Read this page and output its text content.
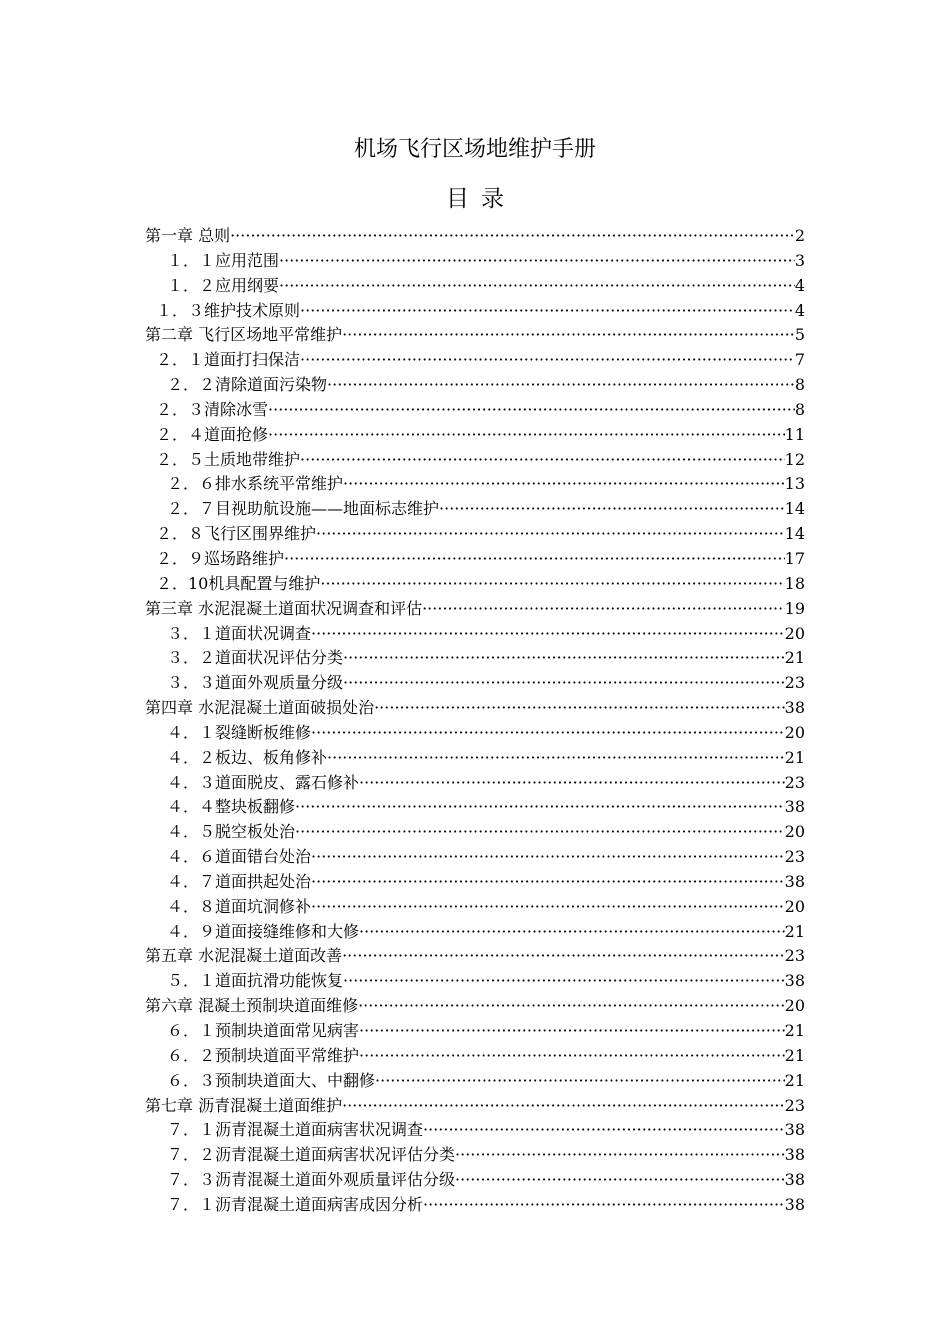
机场飞行区场地维护手册
目录
第一章 总则 ·····	2
１．１应用范围 ·····	3
１．２应用纲要 ·····	4
１．３维护技术原则 ·····	4
第二章 飞行区场地平常维护 ·····	5
２．１道面打扫保洁 ·····	7
２．２清除道面污染物 ·····	8
２．３清除冰雪 ·····	8
２．４道面抢修 ·····	11
２．５土质地带维护 ·····	12
２．６排水系统平常维护 ·····	13
２．７目视助航设施——地面标志维护 ·····	14
２．８飞行区围界维护 ·····	14
２．９巡场路维护 ·····	17
２．10机具配置与维护 ·····	18
第三章 水泥混凝土道面状况调查和评估 ·····	19
３．１道面状况调查 ·····	20
３．２道面状况评估分类 ·····	21
３．３道面外观质量分级 ·····	23
第四章 水泥混凝土道面破损处治 ·····	38
４．１裂缝断板维修 ·····	20
４．２板边、板角修补 ·····	21
４．３道面脱皮、露石修补 ·····	23
４．４整块板翻修 ·····	38
４．５脱空板处治 ·····	20
４．６道面错台处治 ·····	23
４．７道面拱起处治 ·····	38
４．８道面坑洞修补 ·····	20
４．９道面接缝维修和大修 ·····	21
第五章 水泥混凝土道面改善 ·····	23
５．１道面抗滑功能恢复 ·····	38
第六章 混凝土预制块道面维修 ·····	20
６．１预制块道面常见病害 ·····	21
６．２预制块道面平常维护 ·····	21
６．３预制块道面大、中翻修 ·····	21
第七章 沥青混凝土道面维护 ·····	23
７．１沥青混凝土道面病害状况调查 ·····	38
７．２沥青混凝土道面病害状况评估分类 ·····	38
７．３沥青混凝土道面外观质量评估分级 ·····	38
７．１沥青混凝土道面病害成因分析 ·····	38
